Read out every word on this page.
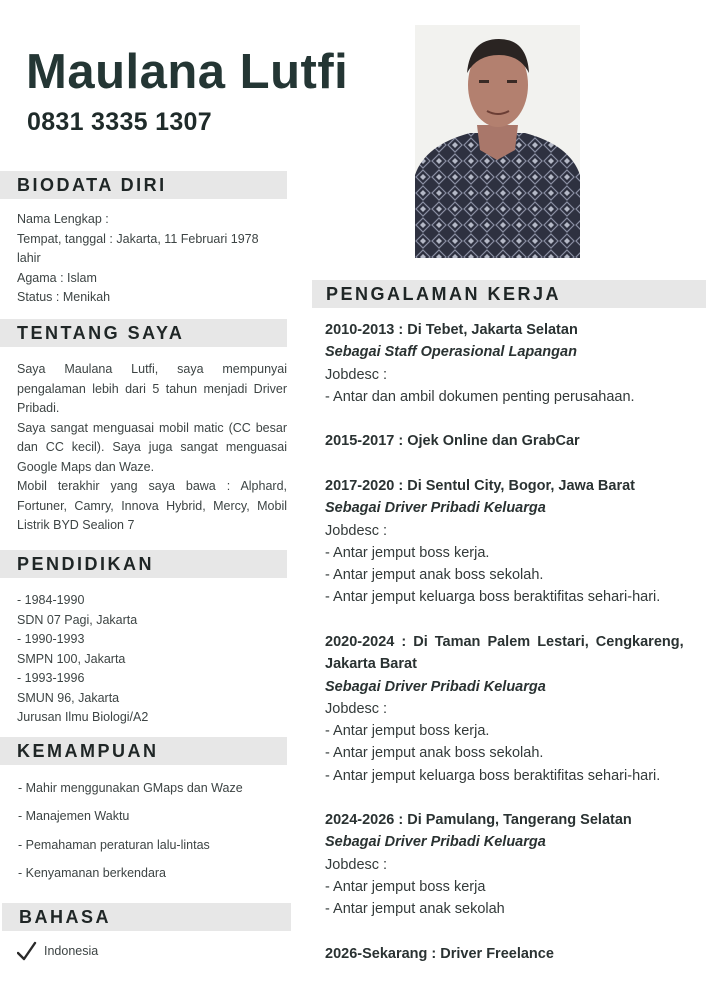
Maulana Lutfi
0831 3335 1307
BIODATA DIRI
Nama Lengkap :
Tempat, tanggal : Jakarta, 11 Februari 1978
lahir
Agama : Islam
Status : Menikah
TENTANG SAYA
Saya Maulana Lutfi, saya mempunyai pengalaman lebih dari 5 tahun menjadi Driver Pribadi.
Saya sangat menguasai mobil matic (CC besar dan CC kecil). Saya juga sangat menguasai Google Maps dan Waze.
Mobil terakhir yang saya bawa : Alphard, Fortuner, Camry, Innova Hybrid, Mercy, Mobil Listrik BYD Sealion 7
PENDIDIKAN
- 1984-1990
SDN 07 Pagi, Jakarta
- 1990-1993
SMPN 100, Jakarta
- 1993-1996
SMUN 96, Jakarta
Jurusan Ilmu Biologi/A2
KEMAMPUAN
- Mahir menggunakan GMaps dan Waze
- Manajemen Waktu
- Pemahaman peraturan lalu-lintas
- Kenyamanan berkendara
BAHASA
Indonesia
PENGALAMAN KERJA
2010-2013 : Di Tebet, Jakarta Selatan
Sebagai Staff Operasional Lapangan
Jobdesc :
- Antar dan ambil dokumen penting perusahaan.
2015-2017 : Ojek Online dan GrabCar
2017-2020 : Di Sentul City, Bogor, Jawa Barat
Sebagai Driver Pribadi Keluarga
Jobdesc :
- Antar jemput boss kerja.
- Antar jemput anak boss sekolah.
- Antar jemput keluarga boss beraktifitas sehari-hari.
2020-2024 : Di Taman Palem Lestari, Cengkareng,
Jakarta Barat
Sebagai Driver Pribadi Keluarga
Jobdesc :
- Antar jemput boss kerja.
- Antar jemput anak boss sekolah.
- Antar jemput keluarga boss beraktifitas sehari-hari.
2024-2026 : Di Pamulang, Tangerang Selatan
Sebagai Driver Pribadi Keluarga
Jobdesc :
- Antar jemput boss kerja
- Antar jemput anak sekolah
2026-Sekarang : Driver Freelance
